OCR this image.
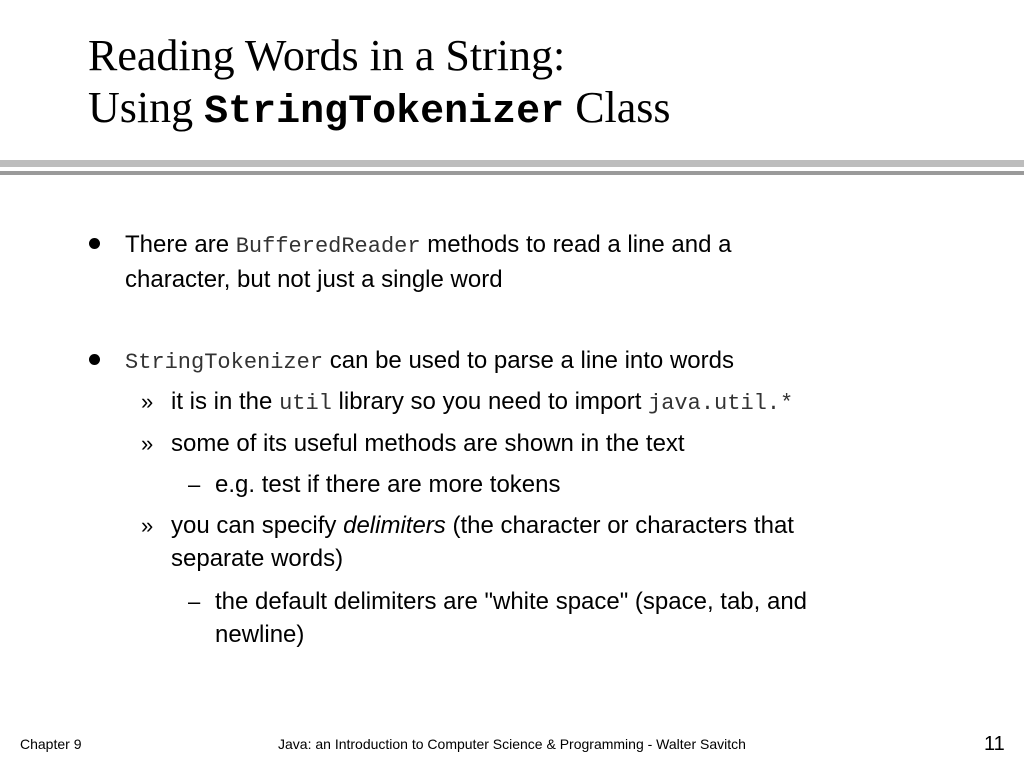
Reading Words in a String:
Using StringTokenizer Class
There are BufferedReader methods to read a line and a
character, but not just a single word
StringTokenizer can be used to parse a line into words
» it is in the util library so you need to import java.util.*
» some of its useful methods are shown in the text
– e.g. test if there are more tokens
» you can specify delimiters (the character or characters that
separate words)
– the default delimiters are "white space" (space, tab, and
newline)
Chapter 9	Java: an Introduction to Computer Science & Programming - Walter Savitch	11
